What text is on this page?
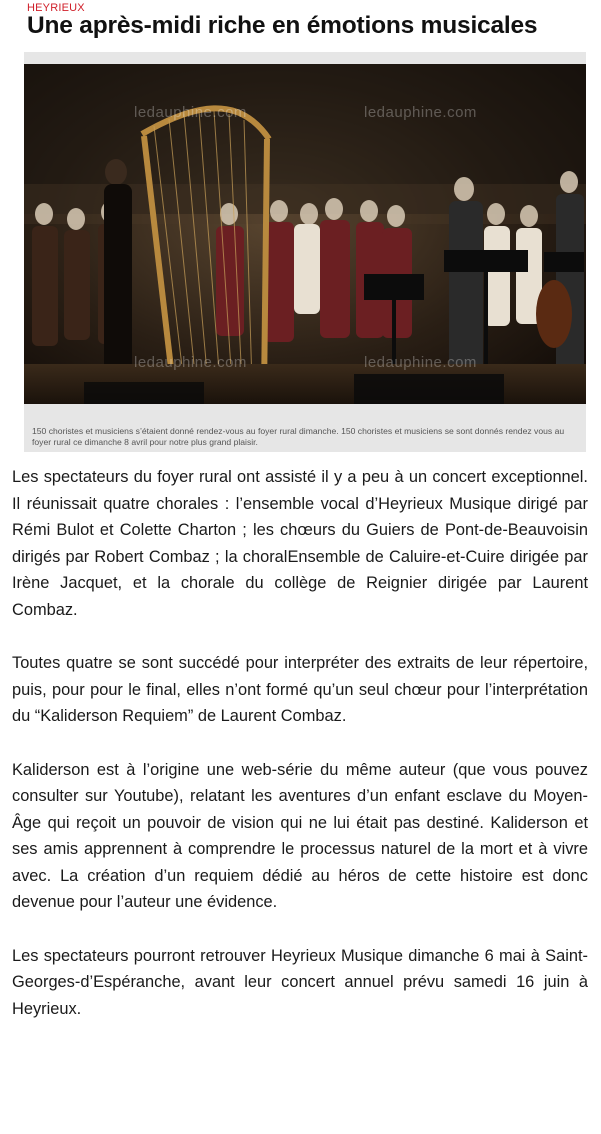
HEYRIEUX
Une après-midi riche en émotions musicales
ledauphine.com	ledauphine.com
ledauphine.com	ledauphine.com

150 choristes et musiciens s’étaient donné rendez-vous au foyer rural dimanche. 150 choristes et musiciens se sont donnés rendez vous au foyer rural ce dimanche 8 avril pour notre plus grand plaisir.

Les spectateurs du foyer rural ont assisté il y a peu à un concert exceptionnel. Il réunissait quatre chorales : l’ensemble vocal d’Heyrieux Musique dirigé par Rémi Bulot et Colette Charton ; les chœurs du Guiers de Pont-de-Beauvoisin dirigés par Robert Combaz ; la choralEnsemble de Caluire-et-Cuire dirigée par Irène Jacquet, et la chorale du collège de Reignier dirigée par Laurent Combaz.

Toutes quatre se sont succédé pour interpréter des extraits de leur répertoire, puis, pour pour le final, elles n’ont formé qu’un seul chœur pour l’interprétation du “Kaliderson Requiem” de Laurent Combaz.

Kaliderson est à l’origine une web-série du même auteur (que vous pouvez consulter sur Youtube), relatant les aventures d’un enfant esclave du Moyen-Âge qui reçoit un pouvoir de vision qui ne lui était pas destiné. Kaliderson et ses amis apprennent à comprendre le processus naturel de la mort et à vivre avec. La création d’un requiem dédié au héros de cette histoire est donc devenue pour l’auteur une évidence.

Les spectateurs pourront retrouver Heyrieux Musique dimanche 6 mai à Saint-Georges-d’Espéranche, avant leur concert annuel prévu samedi 16 juin à Heyrieux.
